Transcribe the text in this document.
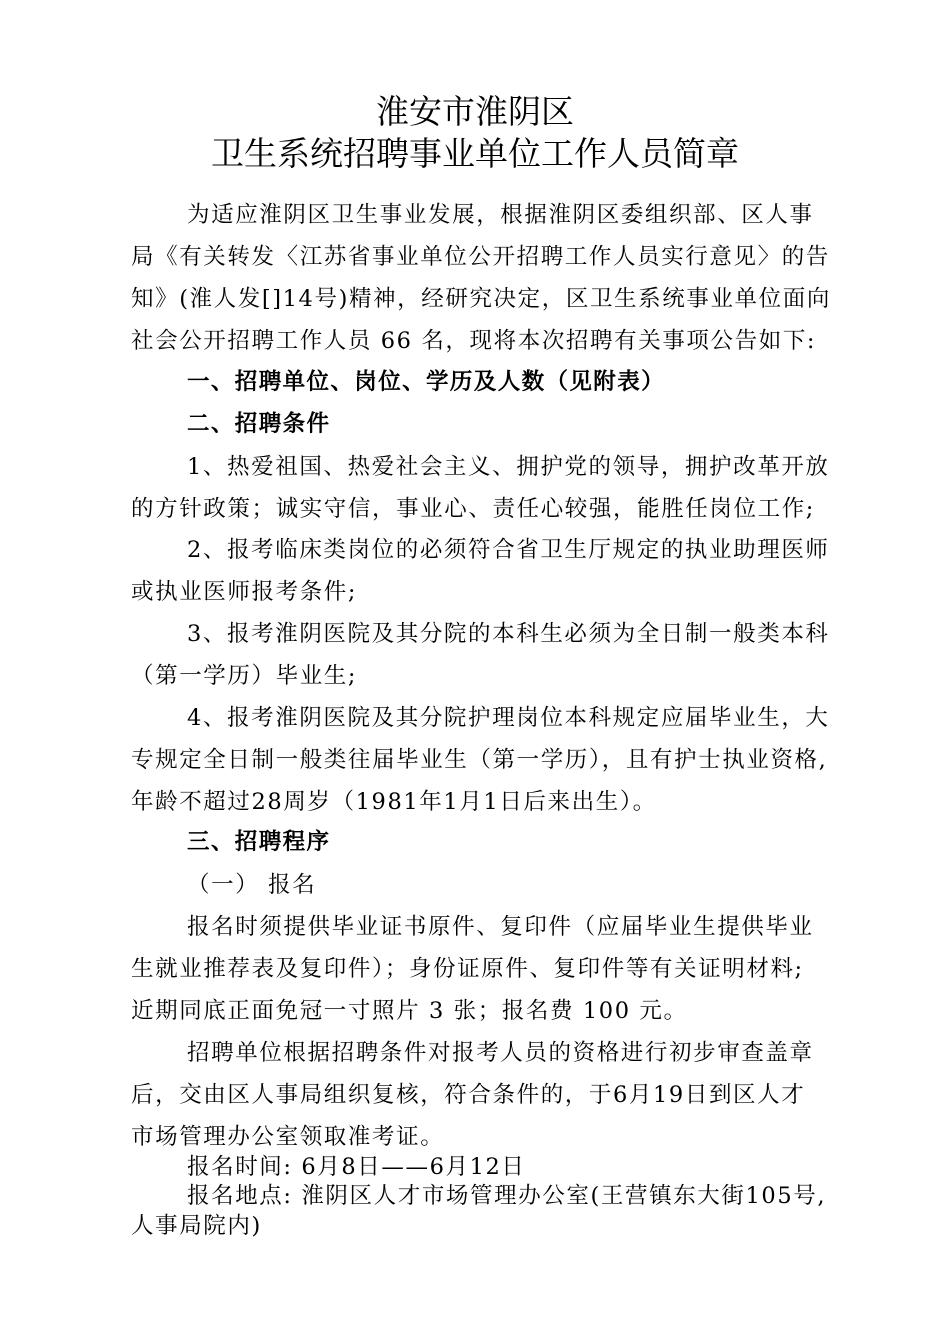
淮安市淮阴区
卫生系统招聘事业单位工作人员简章
为适应淮阴区卫生事业发展，根据淮阴区委组织部、区人事
局《有关转发〈江苏省事业单位公开招聘工作人员实行意见〉的告
知》(淮人发[]14号)精神，经研究决定，区卫生系统事业单位面向
社会公开招聘工作人员 66 名，现将本次招聘有关事项公告如下:
一、招聘单位、岗位、学历及人数（见附表）
二、招聘条件
1、热爱祖国、热爱社会主义、拥护党的领导，拥护改革开放
的方针政策；诚实守信，事业心、责任心较强，能胜任岗位工作;
2、报考临床类岗位的必须符合省卫生厅规定的执业助理医师
或执业医师报考条件;
3、报考淮阴医院及其分院的本科生必须为全日制一般类本科
（第一学历）毕业生;
4、报考淮阴医院及其分院护理岗位本科规定应届毕业生，大
专规定全日制一般类往届毕业生（第一学历），且有护士执业资格,
年龄不超过28周岁（1981年1月1日后来出生）。
三、招聘程序
（一） 报名
报名时须提供毕业证书原件、复印件（应届毕业生提供毕业
生就业推荐表及复印件）；身份证原件、复印件等有关证明材料;
近期同底正面免冠一寸照片 3 张；报名费 100 元。
招聘单位根据招聘条件对报考人员的资格进行初步审查盖章
后，交由区人事局组织复核，符合条件的，于6月19日到区人才
市场管理办公室领取准考证。
报名时间: 6月8日——6月12日
报名地点: 淮阴区人才市场管理办公室(王营镇东大街105号,
人事局院内)
